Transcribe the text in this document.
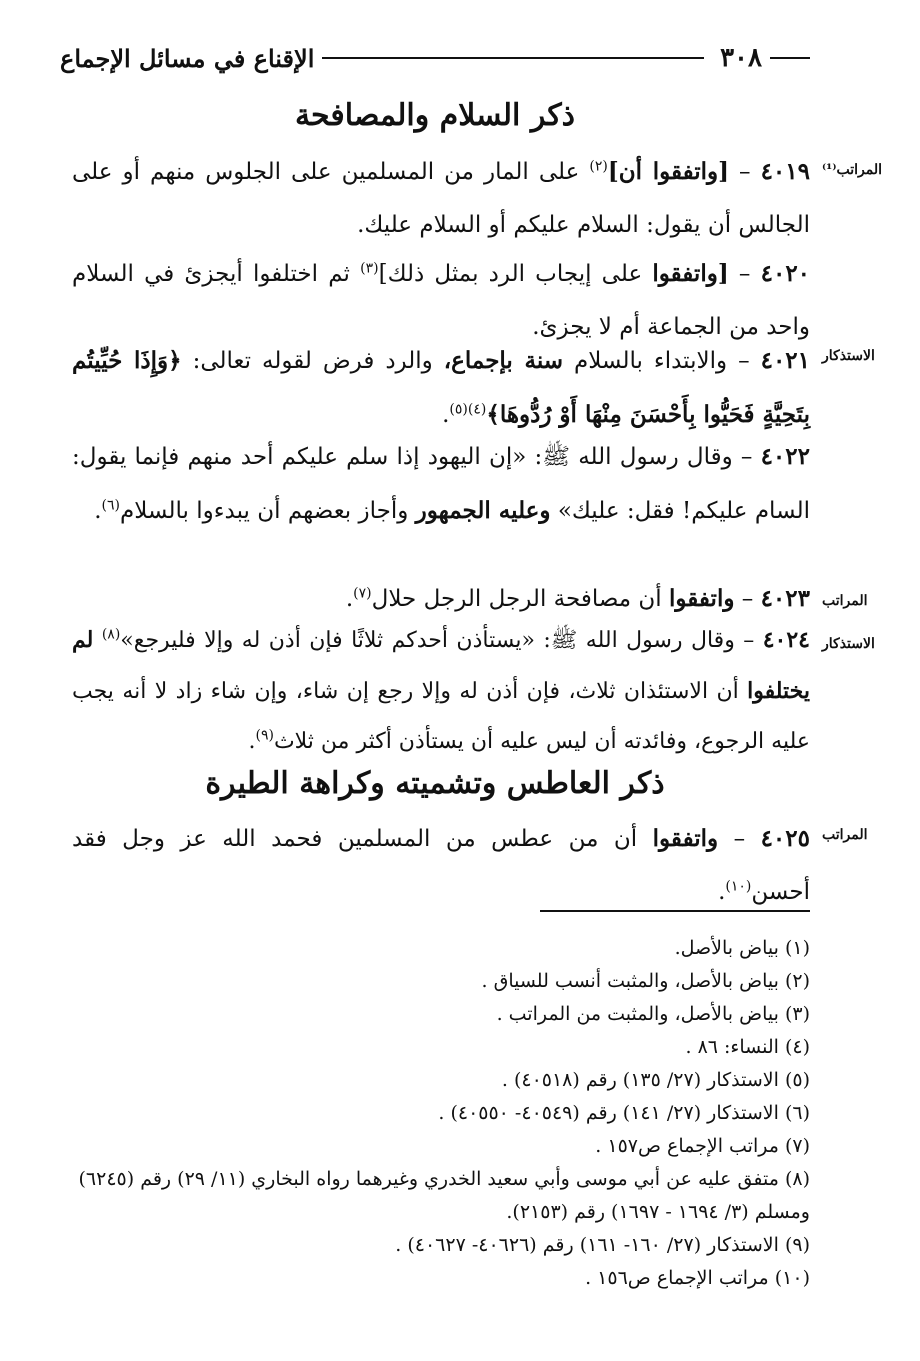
٣٠٨
الإقناع في مسائل الإجماع
ذكر السلام والمصافحة
المراتب⁽¹⁾
الاستذكار
المراتب
الاستذكار
المراتب
٤٠١٩ – [واتفقوا أن]$^{(٢)}$ على المار من المسلمين على الجلوس منهم أو على الجالس أن يقول: السلام عليكم أو السلام عليك.
٤٠٢٠ – [واتفقوا على إيجاب الرد بمثل ذلك]$^{(٣)}$ ثم اختلفوا أيجزئ في السلام واحد من الجماعة أم لا يجزئ.
٤٠٢١ – والابتداء بالسلام سنة بإجماع، والرد فرض لقوله تعالى: ﴿وَإِذَا حُيِّيتُم بِتَحِيَّةٍ فَحَيُّوا بِأَحْسَنَ مِنْهَا أَوْ رُدُّوهَا﴾$^{(٤)(٥)}$.
٤٠٢٢ – وقال رسول الله ﷺ: «إن اليهود إذا سلم عليكم أحد منهم فإنما يقول: السام عليكم! فقل: عليك» وعليه الجمهور وأجاز بعضهم أن يبدءوا بالسلام$^{(٦)}$.
٤٠٢٣ – واتفقوا أن مصافحة الرجل الرجل حلال$^{(٧)}$.
٤٠٢٤ – وقال رسول الله ﷺ: «يستأذن أحدكم ثلاثًا فإن أذن له وإلا فليرجع»$^{(٨)}$ لم يختلفوا أن الاستئذان ثلاث، فإن أذن له وإلا رجع إن شاء، وإن شاء زاد لا أنه يجب عليه الرجوع، وفائدته أن ليس عليه أن يستأذن أكثر من ثلاث$^{(٩)}$.
ذكر العاطس وتشميته وكراهة الطيرة
٤٠٢٥ – واتفقوا أن من عطس من المسلمين فحمد الله عز وجل فقد أحسن$^{(١٠)}$.

(١) بياض بالأصل.

(٢) بياض بالأصل، والمثبت أنسب للسياق .

(٣) بياض بالأصل، والمثبت من المراتب .

(٤) النساء: ٨٦ .

(٥) الاستذكار (٢٧/ ١٣٥) رقم (٤٠٥١٨) .

(٦) الاستذكار (٢٧/ ١٤١) رقم (٤٠٥٤٩- ٤٠٥٥٠) .

(٧) مراتب الإجماع ص١٥٧ .

(٨) متفق عليه عن أبي موسى وأبي سعيد الخدري وغيرهما رواه البخاري (١١/ ٢٩) رقم (٦٢٤٥) ومسلم (٣/ ١٦٩٤ - ١٦٩٧) رقم (٢١٥٣).

(٩) الاستذكار (٢٧/ ١٦٠- ١٦١) رقم (٤٠٦٢٦- ٤٠٦٢٧) .

(١٠) مراتب الإجماع ص١٥٦ .
